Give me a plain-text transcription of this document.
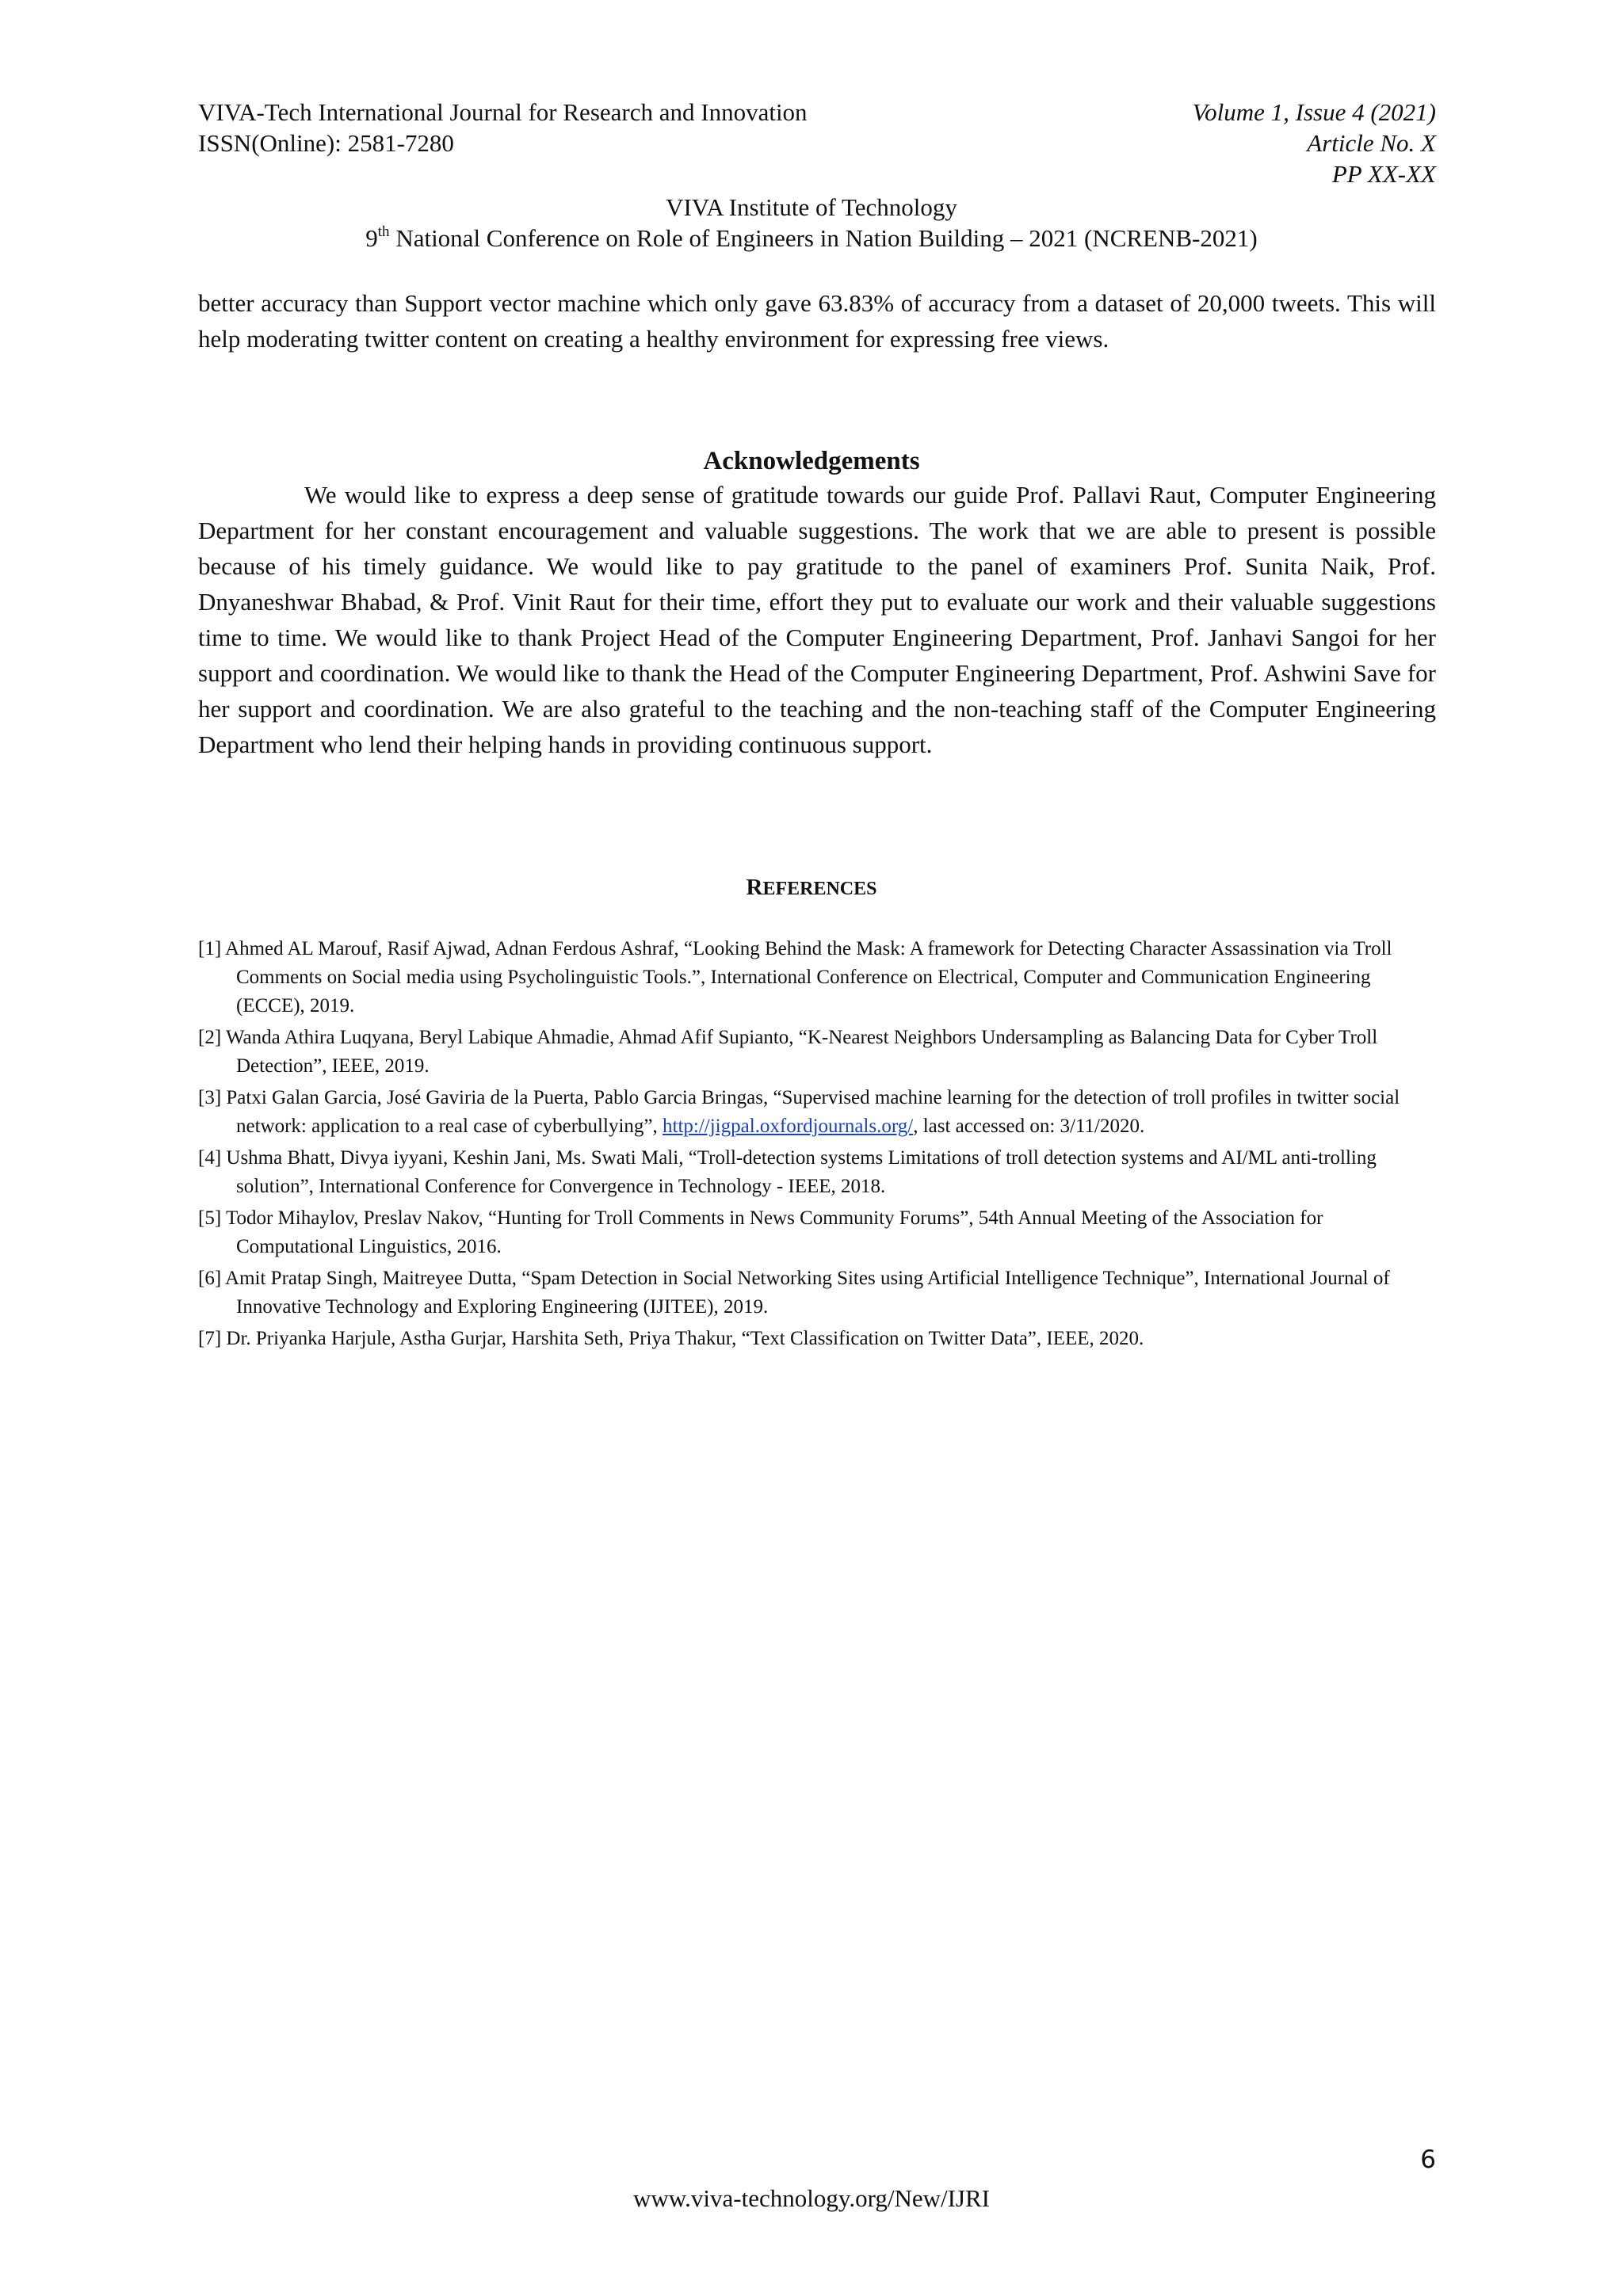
VIVA-Tech International Journal for Research and Innovation
ISSN(Online): 2581-7280
Volume 1, Issue 4 (2021)
Article No. X
PP XX-XX
VIVA Institute of Technology
9th National Conference on Role of Engineers in Nation Building – 2021 (NCRENB-2021)

better accuracy than Support vector machine which only gave 63.83% of accuracy from a dataset of 20,000 tweets. This will help moderating twitter content on creating a healthy environment for expressing free views.

Acknowledgements

We would like to express a deep sense of gratitude towards our guide Prof. Pallavi Raut, Computer Engineering Department for her constant encouragement and valuable suggestions. The work that we are able to present is possible because of his timely guidance. We would like to pay gratitude to the panel of examiners Prof. Sunita Naik, Prof. Dnyaneshwar Bhabad, & Prof. Vinit Raut for their time, effort they put to evaluate our work and their valuable suggestions time to time. We would like to thank Project Head of the Computer Engineering Department, Prof. Janhavi Sangoi for her support and coordination. We would like to thank the Head of the Computer Engineering Department, Prof. Ashwini Save for her support and coordination. We are also grateful to the teaching and the non-teaching staff of the Computer Engineering Department who lend their helping hands in providing continuous support.

REFERENCES
[1] Ahmed AL Marouf, Rasif Ajwad, Adnan Ferdous Ashraf, “Looking Behind the Mask: A framework for Detecting Character Assassination via Troll Comments on Social media using Psycholinguistic Tools.”, International Conference on Electrical, Computer and Communication Engineering (ECCE), 2019.
[2] Wanda Athira Luqyana, Beryl Labique Ahmadie, Ahmad Afif Supianto, “K-Nearest Neighbors Undersampling as Balancing Data for Cyber Troll Detection”, IEEE, 2019.
[3] Patxi Galan Garcia, José Gaviria de la Puerta, Pablo Garcia Bringas, “Supervised machine learning for the detection of troll profiles in twitter social network: application to a real case of cyberbullying”, http://jigpal.oxfordjournals.org/, last accessed on: 3/11/2020.
[4] Ushma Bhatt, Divya iyyani, Keshin Jani, Ms. Swati Mali, “Troll-detection systems Limitations of troll detection systems and AI/ML anti-trolling solution”, International Conference for Convergence in Technology - IEEE, 2018.
[5] Todor Mihaylov, Preslav Nakov, “Hunting for Troll Comments in News Community Forums”, 54th Annual Meeting of the Association for Computational Linguistics, 2016.
[6] Amit Pratap Singh, Maitreyee Dutta, “Spam Detection in Social Networking Sites using Artificial Intelligence Technique”, International Journal of Innovative Technology and Exploring Engineering (IJITEE), 2019.
[7] Dr. Priyanka Harjule, Astha Gurjar, Harshita Seth, Priya Thakur, “Text Classification on Twitter Data”, IEEE, 2020.
6
www.viva-technology.org/New/IJRI
